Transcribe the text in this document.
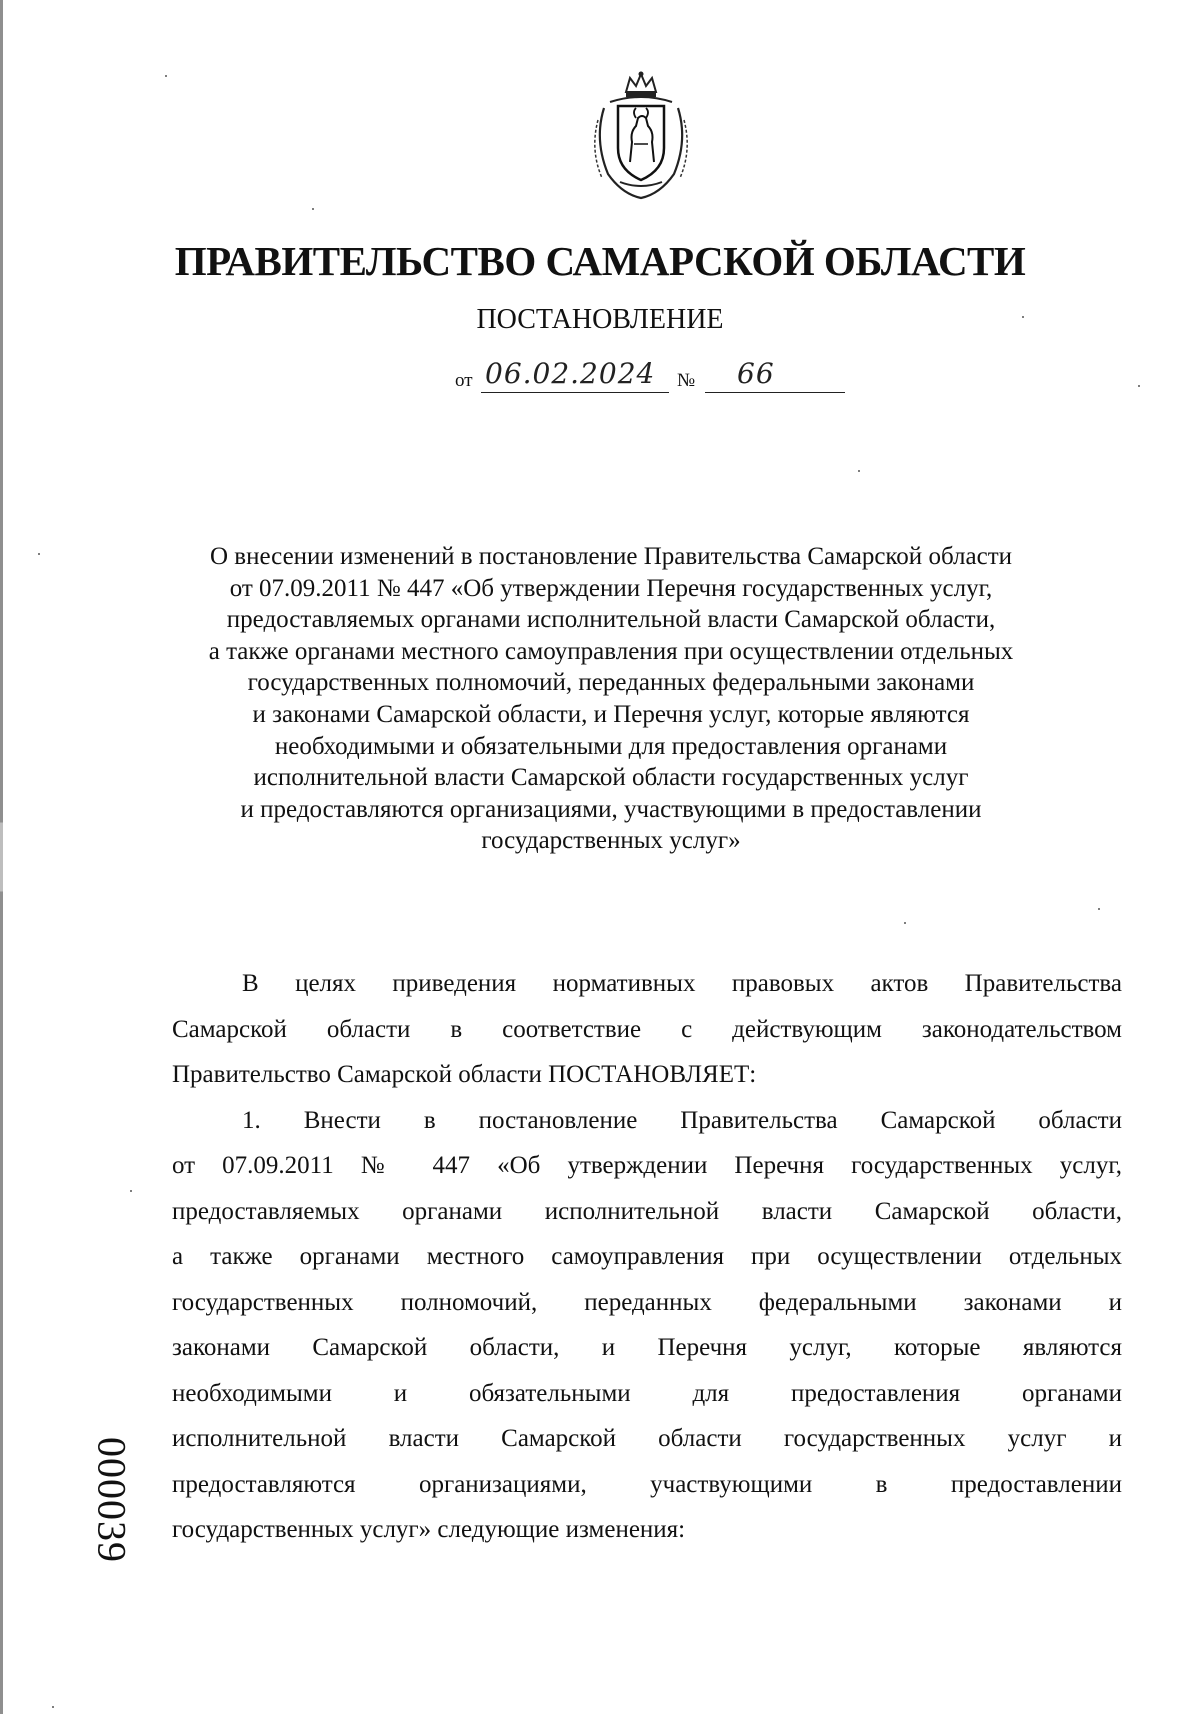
ПРАВИТЕЛЬСТВО САМАРСКОЙ ОБЛАСТИ
ПОСТАНОВЛЕНИЕ
от 06.02.2024 № 66
О внесении изменений в постановление Правительства Самарской области
от 07.09.2011 № 447 «Об утверждении Перечня государственных услуг,
предоставляемых органами исполнительной власти Самарской области,
а также органами местного самоуправления при осуществлении отдельных
государственных полномочий, переданных федеральными законами
и законами Самарской области, и Перечня услуг, которые являются
необходимыми и обязательными для предоставления органами
исполнительной власти Самарской области государственных услуг
и предоставляются организациями, участвующими в предоставлении
государственных услуг»
В целях приведения нормативных правовых актов Правительства
Самарской области в соответствие с действующим законодательством
Правительство Самарской области ПОСТАНОВЛЯЕТ:
1. Внести в постановление Правительства Самарской области
от 07.09.2011 № 447 «Об утверждении Перечня государственных услуг,
предоставляемых органами исполнительной власти Самарской области,
а также органами местного самоуправления при осуществлении отдельных
государственных полномочий, переданных федеральными законами и
законами Самарской области, и Перечня услуг, которые являются
необходимыми и обязательными для предоставления органами
исполнительной власти Самарской области государственных услуг и
предоставляются организациями, участвующими в предоставлении
государственных услуг» следующие изменения:
000039
